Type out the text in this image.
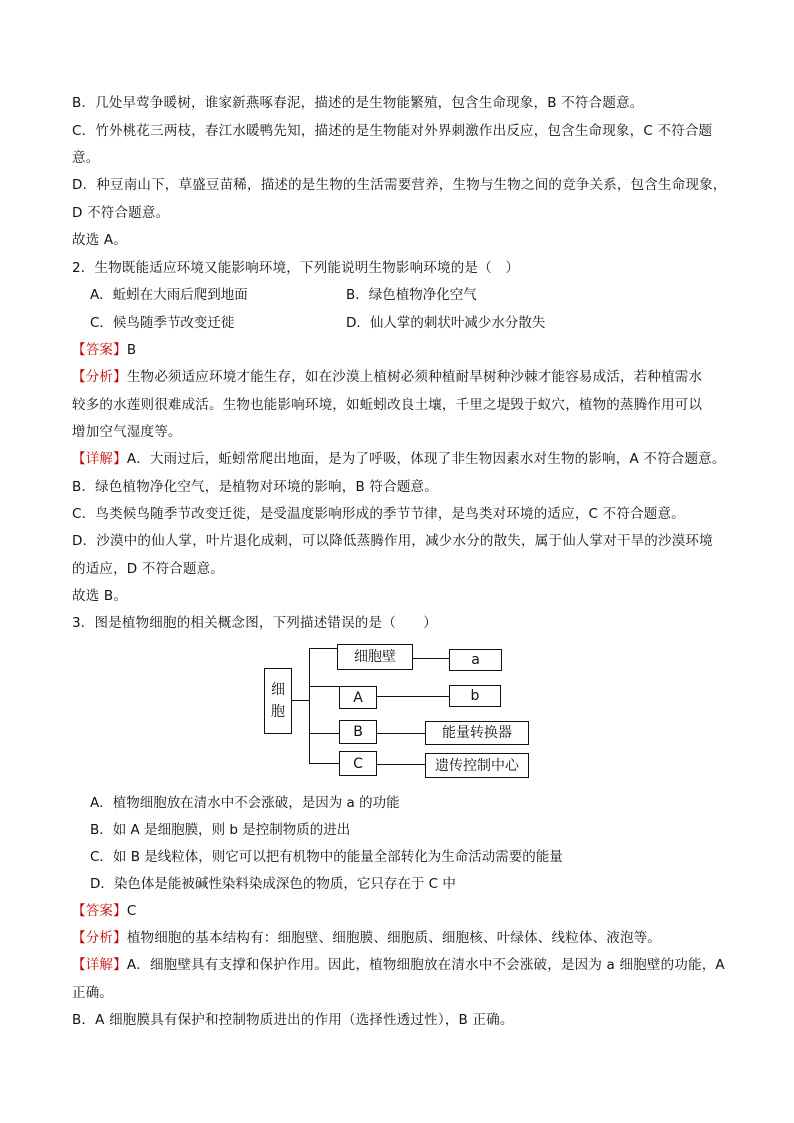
B．几处早莺争暖树，谁家新燕啄春泥，描述的是生物能繁殖，包含生命现象，B 不符合题意。
C．竹外桃花三两枝，春江水暖鸭先知，描述的是生物能对外界刺激作出反应，包含生命现象，C 不符合题
意。
D．种豆南山下，草盛豆苗稀，描述的是生物的生活需要营养，生物与生物之间的竞争关系，包含生命现象，
D 不符合题意。
故选 A。
2．生物既能适应环境又能影响环境，下列能说明生物影响环境的是（　）
A．蚯蚓在大雨后爬到地面	B．绿色植物净化空气
C．候鸟随季节改变迁徙	D．仙人掌的刺状叶减少水分散失
【答案】B
【分析】生物必须适应环境才能生存，如在沙漠上植树必须种植耐旱树种沙棘才能容易成活，若种植需水
较多的水莲则很难成活。生物也能影响环境，如蚯蚓改良土壤，千里之堤毁于蚁穴，植物的蒸腾作用可以
增加空气湿度等。
【详解】A．大雨过后，蚯蚓常爬出地面，是为了呼吸，体现了非生物因素水对生物的影响，A 不符合题意。
B．绿色植物净化空气，是植物对环境的影响，B 符合题意。
C．鸟类候鸟随季节改变迁徙，是受温度影响形成的季节节律，是鸟类对环境的适应，C 不符合题意。
D．沙漠中的仙人掌，叶片退化成刺，可以降低蒸腾作用，减少水分的散失，属于仙人掌对干旱的沙漠环境
的适应，D 不符合题意。
故选 B。
3．图是植物细胞的相关概念图，下列描述错误的是（　　）
A．植物细胞放在清水中不会涨破，是因为 a 的功能
B．如 A 是细胞膜，则 b 是控制物质的进出
C．如 B 是线粒体，则它可以把有机物中的能量全部转化为生命活动需要的能量
D．染色体是能被碱性染料染成深色的物质，它只存在于 C 中
【答案】C
【分析】植物细胞的基本结构有：细胞壁、细胞膜、细胞质、细胞核、叶绿体、线粒体、液泡等。
【详解】A．细胞壁具有支撑和保护作用。因此，植物细胞放在清水中不会涨破，是因为 a 细胞壁的功能，A
正确。
B．A 细胞膜具有保护和控制物质进出的作用（选择性透过性），B 正确。
细
胞
细胞壁	a
A	b
B	能量转换器
C	遗传控制中心
